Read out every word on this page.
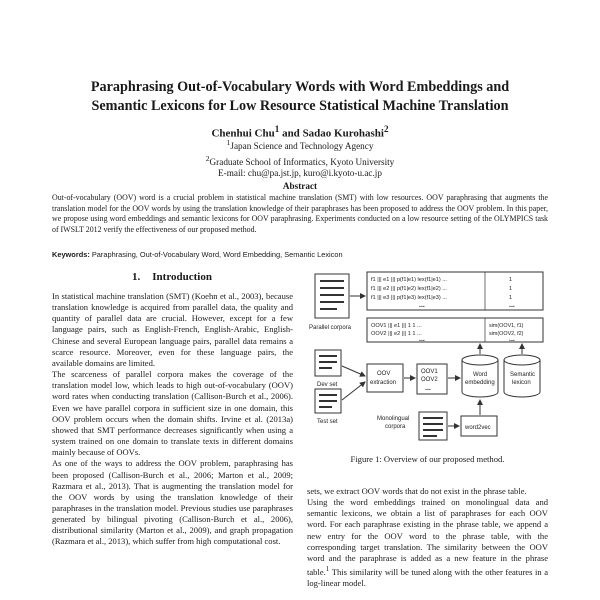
Paraphrasing Out-of-Vocabulary Words with Word Embeddings and
Semantic Lexicons for Low Resource Statistical Machine Translation
Chenhui Chu$^1$ and Sadao Kurohashi$^2$
$^1$Japan Science and Technology Agency
$^2$Graduate School of Informatics, Kyoto University
E-mail: chu@pa.jst.jp, kuro@i.kyoto-u.ac.jp
Abstract
Out-of-vocabulary (OOV) word is a crucial problem in statistical machine translation (SMT) with low resources. OOV paraphrasing that augments the translation model for the OOV words by using the translation knowledge of their paraphrases has been proposed to address the OOV problem. In this paper, we propose using word embeddings and semantic lexicons for OOV paraphrasing. Experiments conducted on a low resource setting of the OLYMPICS task of IWSLT 2012 verify the effectiveness of our proposed method.
Keywords: Paraphrasing, Out-of-Vocabulary Word, Word Embedding, Semantic Lexicon
1. Introduction

In statistical machine translation (SMT) (Koehn et al., 2003), because translation knowledge is acquired from parallel data, the quality and quantity of parallel data are crucial. However, except for a few language pairs, such as English-French, English-Arabic, English-Chinese and several European language pairs, parallel data remains a scarce resource. Moreover, even for these language pairs, the available domains are limited.

The scarceness of parallel corpora makes the coverage of the translation model low, which leads to high out-of-vocabulary (OOV) word rates when conducting translation (Callison-Burch et al., 2006). Even we have parallel corpora in sufficient size in one domain, this OOV problem occurs when the domain shifts. Irvine et al. (2013a) showed that SMT performance decreases significantly when using a system trained on one domain to translate texts in different domains mainly because of OOVs.

As one of the ways to address the OOV problem, paraphrasing has been proposed (Callison-Burch et al., 2006; Marton et al., 2009; Razmara et al., 2013). That is augmenting the translation model for the OOV words by using the translation knowledge of their paraphrases in the translation model. Previous studies use paraphrases generated by bilingual pivoting (Callison-Burch et al., 2006), distributional similarity (Marton et al., 2009), and graph propagation (Razmara et al., 2013), which suffer from high computational cost.

Parallel corpora
f1 ||| e1 ||| p(f1|e1) lex(f1|e1) ...
f1 ||| e2 ||| p(f1|e2) lex(f1|e2) ...
f1 ||| e3 ||| p(f1|e3) lex(f1|e3) ...
1
1
1
...	...
OOV1 ||| e1 ||| 1 1 ...
OOV2 ||| e2 ||| 1 1 ...
sim(OOV1, f1)
sim(OOV2, f2)
...	...
Dev set
Test set
OOV
extraction
OOV1
OOV2
...
Word
embedding
Semantic
lexicon
Monolingual
corpora	word2vec
Figure 1: Overview of our proposed method.

sets, we extract OOV words that do not exist in the phrase table.

Using the word embeddings trained on monolingual data and semantic lexicons, we obtain a list of paraphrases for each OOV word. For each paraphrase existing in the phrase table, we append a new entry for the OOV word to the phrase table, with the corresponding target translation. The similarity between the OOV word and the paraphrase is added as a new feature in the phrase table.$^1$ This similarity will be tuned along with the other features in a log-linear model.
